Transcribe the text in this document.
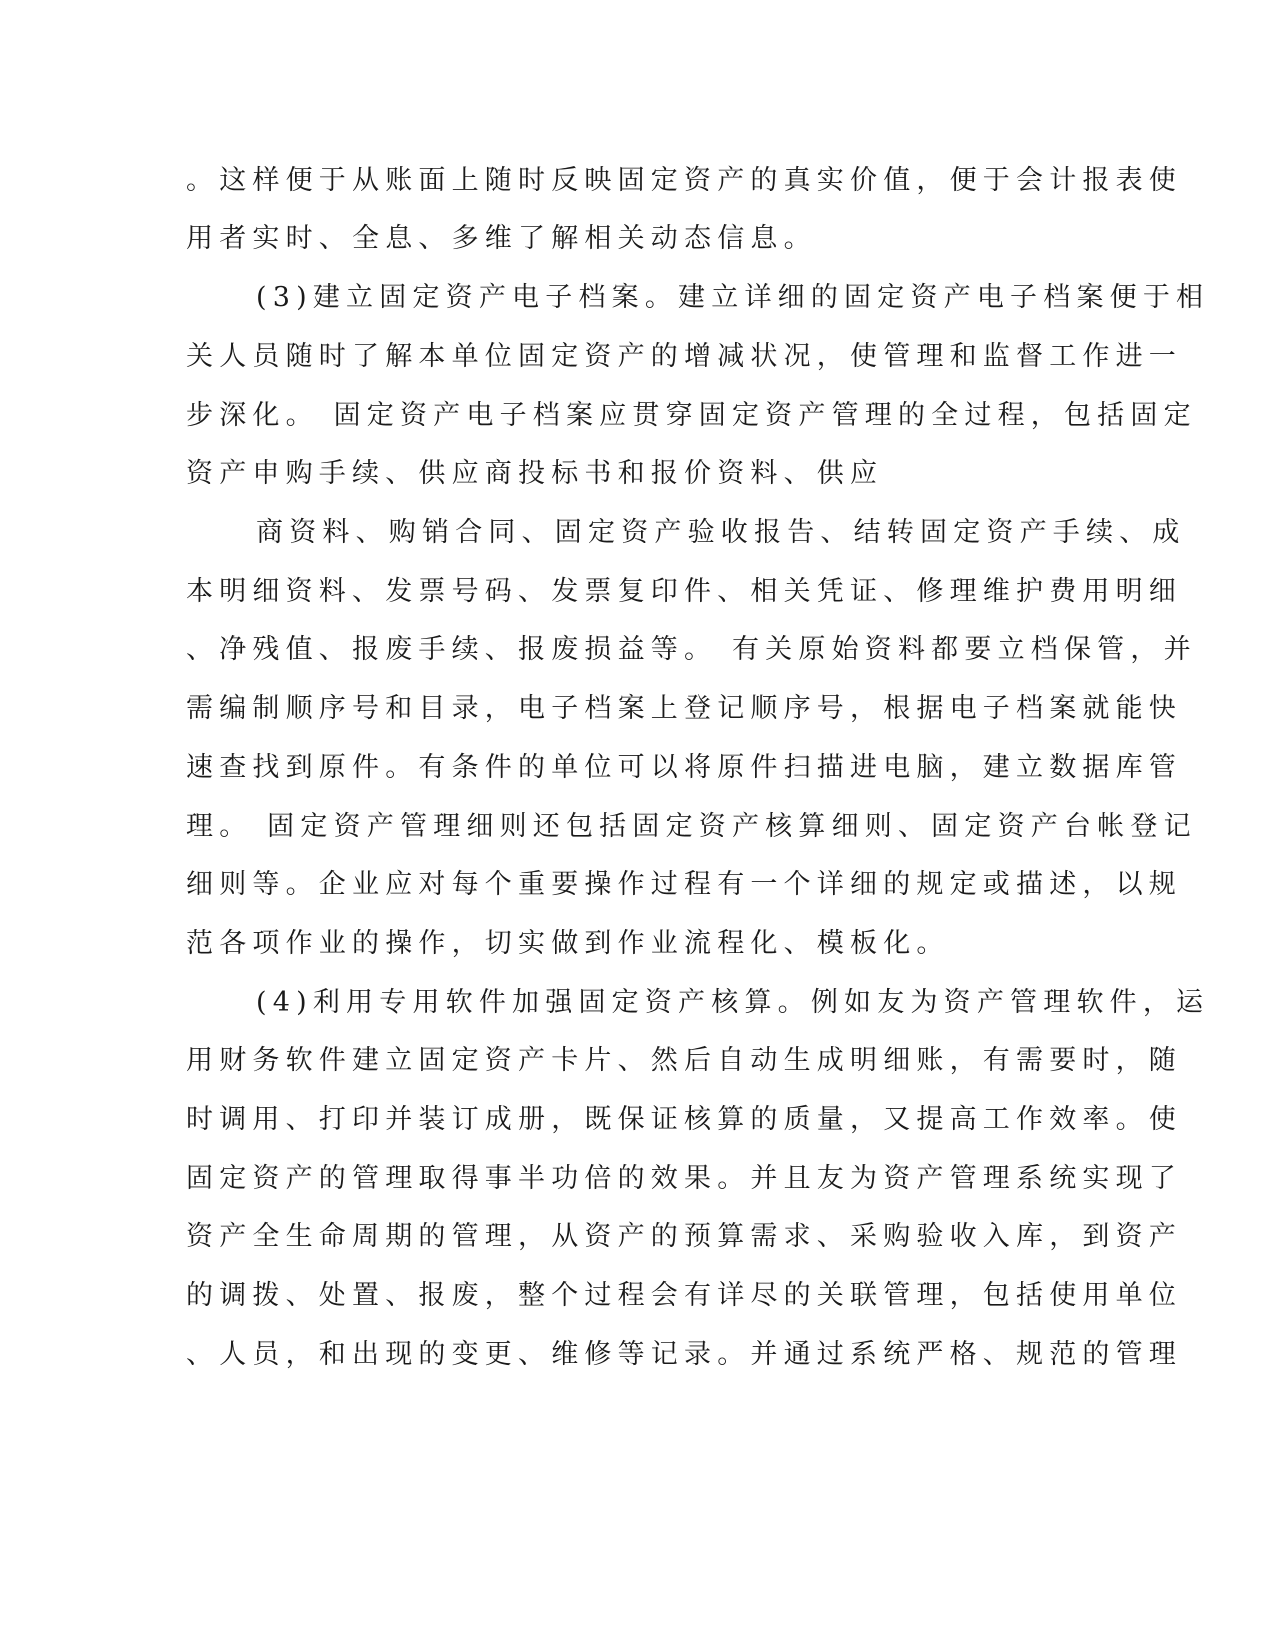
。这样便于从账面上随时反映固定资产的真实价值，便于会计报表使
用者实时、全息、多维了解相关动态信息。
(3)建立固定资产电子档案。建立详细的固定资产电子档案便于相
关人员随时了解本单位固定资产的增减状况，使管理和监督工作进一
步深化。 固定资产电子档案应贯穿固定资产管理的全过程，包括固定
资产申购手续、供应商投标书和报价资料、供应
商资料、购销合同、固定资产验收报告、结转固定资产手续、成
本明细资料、发票号码、发票复印件、相关凭证、修理维护费用明细
、净残值、报废手续、报废损益等。 有关原始资料都要立档保管，并
需编制顺序号和目录，电子档案上登记顺序号，根据电子档案就能快
速查找到原件。有条件的单位可以将原件扫描进电脑，建立数据库管
理。 固定资产管理细则还包括固定资产核算细则、固定资产台帐登记
细则等。企业应对每个重要操作过程有一个详细的规定或描述，以规
范各项作业的操作，切实做到作业流程化、模板化。
(4)利用专用软件加强固定资产核算。例如友为资产管理软件，运
用财务软件建立固定资产卡片、然后自动生成明细账，有需要时，随
时调用、打印并装订成册，既保证核算的质量，又提高工作效率。使
固定资产的管理取得事半功倍的效果。并且友为资产管理系统实现了
资产全生命周期的管理，从资产的预算需求、采购验收入库，到资产
的调拨、处置、报废，整个过程会有详尽的关联管理，包括使用单位
、人员，和出现的变更、维修等记录。并通过系统严格、规范的管理
